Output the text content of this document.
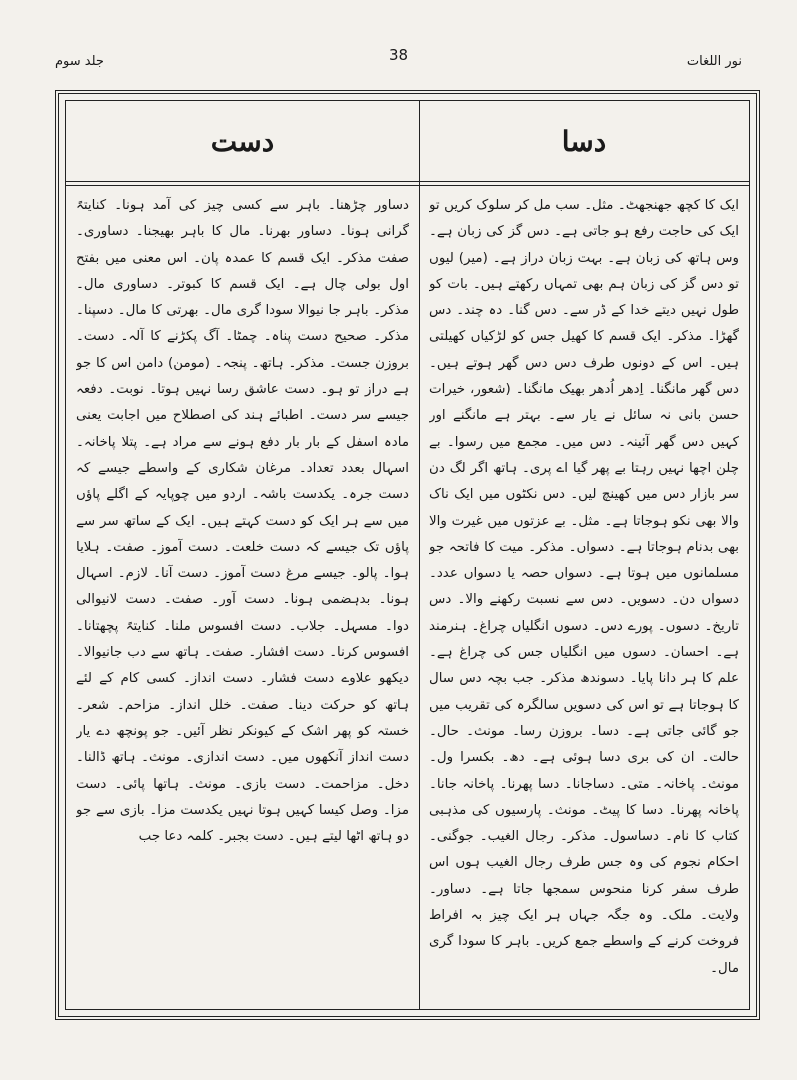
جلد سوم	38	نور اللغات
دست	دسا

دساور چڑھنا۔ باہر سے کسی چیز کی آمد ہونا۔ کنایتہً گرانی ہونا۔ دساور بھرنا۔ مال کا باہر بھیجنا۔ دساوری۔ صفت مذکر۔ ایک قسم کا عمدہ پان۔ اس معنی میں بفتح اول بولی چال ہے۔ ایک قسم کا کبوتر۔ دساوری مال۔ مذکر۔ باہر جا نیوالا سودا گری مال۔ بھرتی کا مال۔ دسپنا۔ مذکر۔ صحیح دست پناہ۔ چمٹا۔ آگ پکڑنے کا آلہ۔ دست۔ بروزن جست۔ مذکر۔ ہاتھ۔ پنجہ۔ (مومن) دامن اس کا جو ہے دراز تو ہو۔ دست عاشق رسا نہیں ہوتا۔ نوبت۔ دفعہ جیسے سر دست۔ اطبائے ہند کی اصطلاح میں اجابت یعنی مادہ اسفل کے بار بار دفع ہونے سے مراد ہے۔ پتلا پاخانہ۔ اسہال بعدد تعداد۔ مرغان شکاری کے واسطے جیسے کہ دست جرہ۔ یکدست باشہ۔ اردو میں چوپایہ کے اگلے پاؤں میں سے ہر ایک کو دست کہتے ہیں۔ ایک کے ساتھ سر سے پاؤں تک جیسے کہ دست خلعت۔ دست آموز۔ صفت۔ ہلایا ہوا۔ پالو۔ جیسے مرغ دست آموز۔ دست آنا۔ لازم۔ اسہال ہونا۔ بدہضمی ہونا۔ دست آور۔ صفت۔ دست لانیوالی دوا۔ مسہل۔ جلاب۔ دست افسوس ملنا۔ کنایتہً پچھتانا۔ افسوس کرنا۔ دست افشار۔ صفت۔ ہاتھ سے دب جانیوالا۔ دیکھو علاوے دست فشار۔ دست انداز۔ کسی کام کے لئے ہاتھ کو حرکت دینا۔ صفت۔ خلل انداز۔ مزاحم۔ شعر۔ خستہ کو پھر اشک کے کیونکر نظر آئیں۔ جو پونچھ دے یار دست انداز آنکھوں میں۔ دست اندازی۔ مونث۔ ہاتھ ڈالنا۔ دخل۔ مزاحمت۔ دست بازی۔ مونث۔ ہاتھا پائی۔ دست مزا۔ وصل کیسا کہیں ہوتا نہیں یکدست مزا۔ بازی سے جو دو ہاتھ اٹھا لیتے ہیں۔ دست بجبر۔ کلمہ دعا جب

ایک کا کچھ جھنجھٹ۔ مثل۔ سب مل کر سلوک کریں تو ایک کی حاجت رفع ہو جاتی ہے۔ دس گز کی زبان ہے۔ وس ہاتھ کی زبان ہے۔ بہت زبان دراز ہے۔ (میر) لیوں تو دس گز کی زبان ہم بھی تمہاں رکھتے ہیں۔ بات کو طول نہیں دیتے خدا کے ڈر سے۔ دس گنا۔ دہ چند۔ دس گھڑا۔ مذکر۔ ایک قسم کا کھیل جس کو لڑکیاں کھیلتی ہیں۔ اس کے دونوں طرف دس دس گھر ہوتے ہیں۔ دس گھر مانگنا۔ اِدھر اُدھر بھیک مانگنا۔ (شعور، خیرات حسن بانی نہ سائل نے یار سے۔ بہتر ہے مانگنے اور کہیں دس گھر آئینہ۔ دس میں۔ مجمع میں رسوا۔ بے چلن اچھا نہیں رہتا بے پھر گیا اے پری۔ ہاتھ اگر لگ دن سر بازار دس میں کھینچ لیں۔ دس نکٹوں میں ایک ناک والا بھی نکو ہوجاتا ہے۔ مثل۔ بے عزتوں میں غیرت والا بھی بدنام ہوجاتا ہے۔ دسواں۔ مذکر۔ میت کا فاتحہ جو مسلمانوں میں ہوتا ہے۔ دسواں حصہ یا دسواں عدد۔ دسواں دن۔ دسویں۔ دس سے نسبت رکھنے والا۔ دس تاریخ۔ دسوں۔ پورے دس۔ دسوں انگلیاں چراغ۔ ہنرمند ہے۔ احسان۔ دسوں میں انگلیاں جس کی چراغ ہے۔ علم کا ہر دانا پایا۔ دسوندھ مذکر۔ جب بچہ دس سال کا ہوجاتا ہے تو اس کی دسویں سالگرہ کی تقریب میں جو گائی جاتی ہے۔ دسا۔ بروزن رسا۔ مونث۔ حال۔ حالت۔ ان کی بری دسا ہوئی ہے۔ دھ۔ بکسرا ول۔ مونث۔ پاخانہ۔ متی۔ دساجانا۔ دسا پھرنا۔ پاخانہ جانا۔ پاخانہ پھرنا۔ دسا کا پیٹ۔ مونث۔ پارسیوں کی مذہبی کتاب کا نام۔ دساسول۔ مذکر۔ رجال الغیب۔ جوگنی۔ احکام نجوم کی وہ جس طرف رجال الغیب ہوں اس طرف سفر کرنا منحوس سمجھا جاتا ہے۔ دساور۔ ولایت۔ ملک۔ وہ جگہ جہاں ہر ایک چیز بہ افراط فروخت کرنے کے واسطے جمع کریں۔ باہر کا سودا گری مال۔
